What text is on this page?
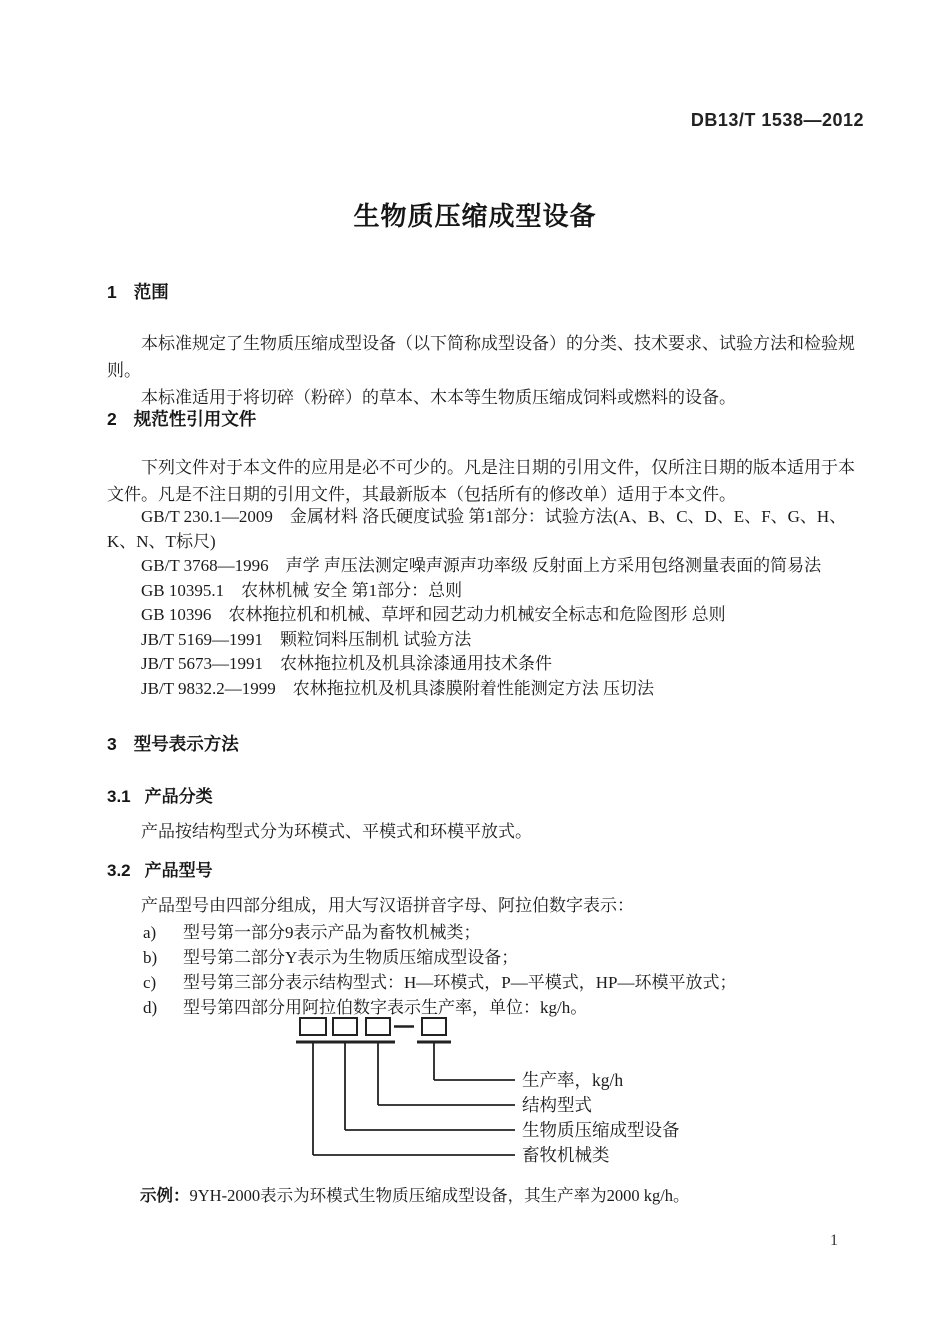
DB13/T 1538—2012
生物质压缩成型设备
1 范围

本标准规定了生物质压缩成型设备（以下简称成型设备）的分类、技术要求、试验方法和检验规则。

本标准适用于将切碎（粉碎）的草本、木本等生物质压缩成饲料或燃料的设备。

2 规范性引用文件

下列文件对于本文件的应用是必不可少的。凡是注日期的引用文件，仅所注日期的版本适用于本文件。凡是不注日期的引用文件，其最新版本（包括所有的修改单）适用于本文件。

GB/T 230.1—2009　金属材料 洛氏硬度试验 第1部分：试验方法(A、B、C、D、E、F、G、H、K、N、T标尺)

GB/T 3768—1996　声学 声压法测定噪声源声功率级 反射面上方采用包络测量表面的简易法

GB 10395.1　农林机械 安全 第1部分：总则

GB 10396　农林拖拉机和机械、草坪和园艺动力机械安全标志和危险图形 总则

JB/T 5169—1991　颗粒饲料压制机 试验方法

JB/T 5673—1991　农林拖拉机及机具涂漆通用技术条件

JB/T 9832.2—1999　农林拖拉机及机具漆膜附着性能测定方法 压切法

3 型号表示方法
3.1 产品分类

产品按结构型式分为环模式、平模式和环模平放式。

3.2 产品型号

产品型号由四部分组成，用大写汉语拼音字母、阿拉伯数字表示：

a)	型号第一部分9表示产品为畜牧机械类；

b)	型号第二部分Y表示为生物质压缩成型设备；

c)	型号第三部分表示结构型式：H—环模式，P—平模式，HP—环模平放式；

d)	型号第四部分用阿拉伯数字表示生产率，单位：kg/h。

生产率，kg/h
结构型式
生物质压缩成型设备
畜牧机械类

示例：9YH-2000表示为环模式生物质压缩成型设备，其生产率为2000 kg/h。

1
